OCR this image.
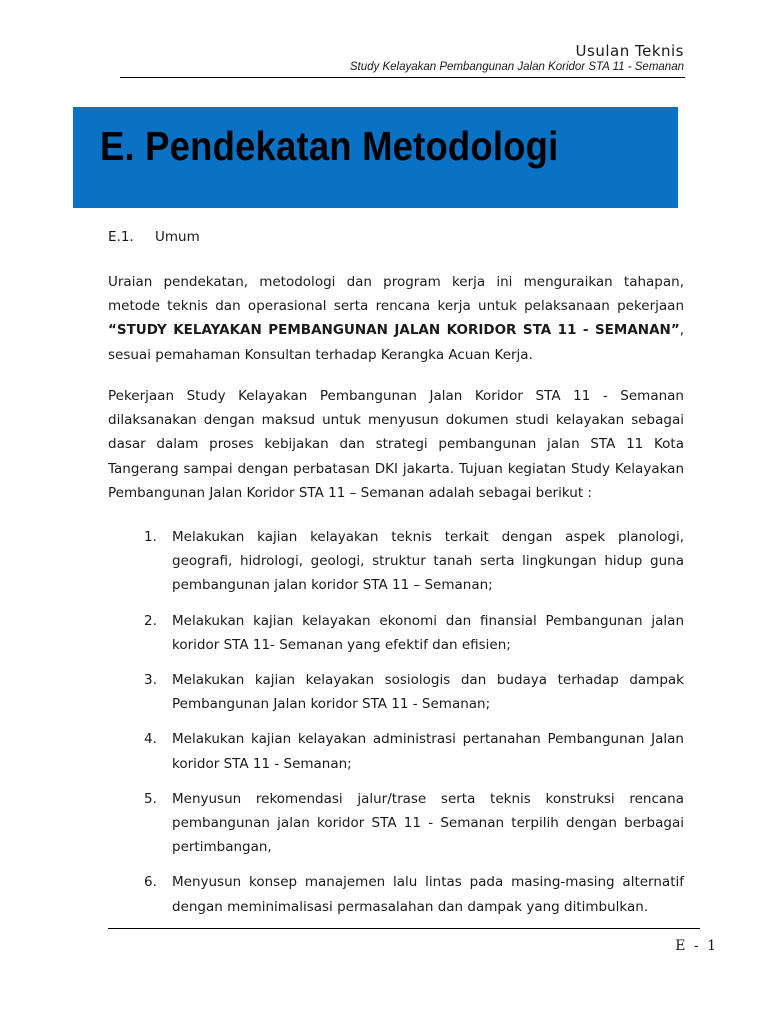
Usulan Teknis
Study Kelayakan Pembangunan Jalan Koridor STA 11 - Semanan
E. Pendekatan Metodologi
E.1. Umum

Uraian pendekatan, metodologi dan program kerja ini menguraikan tahapan, metode teknis dan operasional serta rencana kerja untuk pelaksanaan pekerjaan “STUDY KELAYAKAN PEMBANGUNAN JALAN KORIDOR STA 11 - SEMANAN”, sesuai pemahaman Konsultan terhadap Kerangka Acuan Kerja.

Pekerjaan Study Kelayakan Pembangunan Jalan Koridor STA 11 - Semanan dilaksanakan dengan maksud untuk menyusun dokumen studi kelayakan sebagai dasar dalam proses kebijakan dan strategi pembangunan jalan STA 11 Kota Tangerang sampai dengan perbatasan DKI jakarta. Tujuan kegiatan Study Kelayakan Pembangunan Jalan Koridor STA 11 – Semanan adalah sebagai berikut :

1. Melakukan kajian kelayakan teknis terkait dengan aspek planologi, geografi, hidrologi, geologi, struktur tanah serta lingkungan hidup guna pembangunan jalan koridor STA 11 – Semanan;
2. Melakukan kajian kelayakan ekonomi dan finansial Pembangunan jalan koridor STA 11- Semanan yang efektif dan efisien;
3. Melakukan kajian kelayakan sosiologis dan budaya terhadap dampak Pembangunan Jalan koridor STA 11 - Semanan;
4. Melakukan kajian kelayakan administrasi pertanahan Pembangunan Jalan koridor STA 11 - Semanan;
5. Menyusun rekomendasi jalur/trase serta teknis konstruksi rencana pembangunan jalan koridor STA 11 - Semanan terpilih dengan berbagai pertimbangan,
6. Menyusun konsep manajemen lalu lintas pada masing-masing alternatif dengan meminimalisasi permasalahan dan dampak yang ditimbulkan.
E - 1
